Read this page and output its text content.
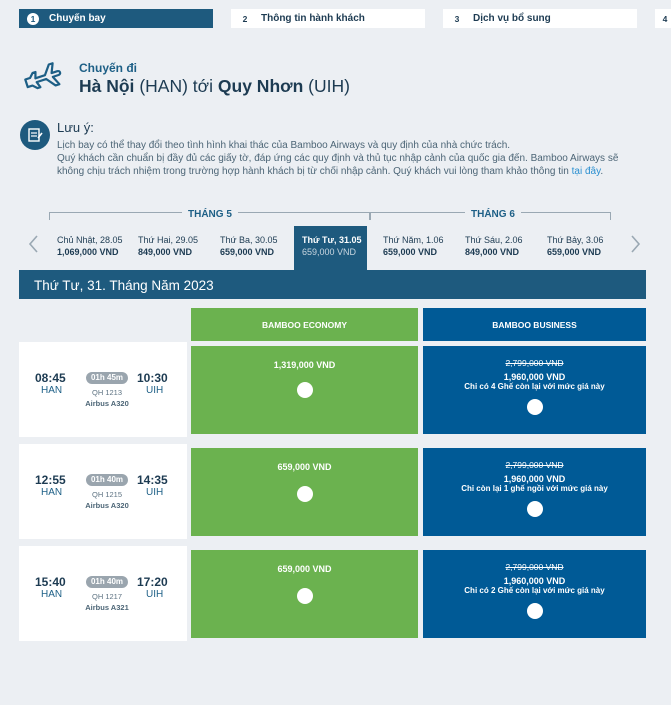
1	Chuyến bay	2	Thông tin hành khách	3	Dịch vụ bổ sung	4
Chuyến đi
Hà Nội (HAN) tới Quy Nhơn (UIH)
Lưu ý:
Lịch bay có thể thay đổi theo tình hình khai thác của Bamboo Airways và quy định của nhà chức trách.
Quý khách cần chuẩn bị đầy đủ các giấy tờ, đáp ứng các quy định và thủ tục nhập cảnh của quốc gia đến. Bamboo Airways sẽ không chịu trách nhiệm trong trường hợp hành khách bị từ chối nhập cảnh. Quý khách vui lòng tham khảo thông tin tại đây.
THÁNG 5	THÁNG 6
Chủ Nhật, 28.05
1,069,000 VND
Thứ Hai, 29.05
849,000 VND
Thứ Ba, 30.05
659,000 VND
Thứ Tư, 31.05
659,000 VND
Thứ Năm, 1.06
659,000 VND
Thứ Sáu, 2.06
849,000 VND
Thứ Bảy, 3.06
659,000 VND
Thứ Tư, 31. Tháng Năm 2023
BAMBOO ECONOMY	BAMBOO BUSINESS
08:45
HAN
01h 45m
QH 1213
Airbus A320
10:30
UIH
1,319,000 VND	2,799,000 VND
1,960,000 VND
Chỉ có 4 Ghế còn lại với mức giá này
12:55
HAN
01h 40m
QH 1215
Airbus A320
14:35
UIH
659,000 VND	2,799,000 VND
1,960,000 VND
Chỉ còn lại 1 ghế ngồi với mức giá này
15:40
HAN
01h 40m
QH 1217
Airbus A321
17:20
UIH
659,000 VND	2,799,000 VND
1,960,000 VND
Chỉ có 2 Ghế còn lại với mức giá này
